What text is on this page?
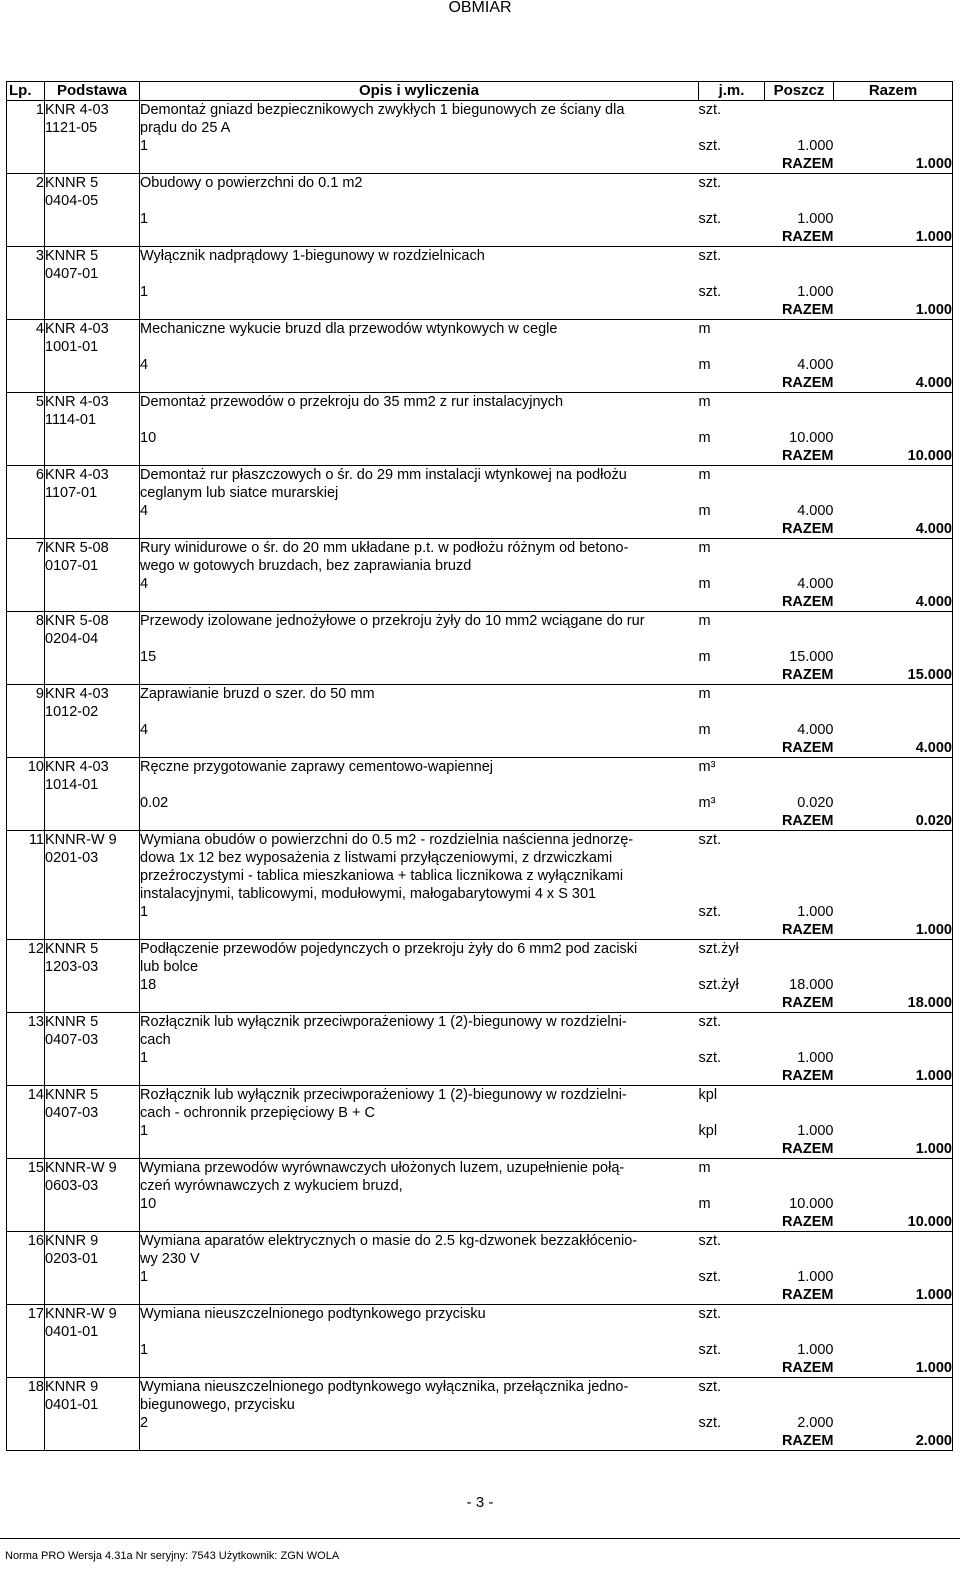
OBMIAR
Lp.	Podstawa	Opis i wyliczenia	j.m.	Poszcz	Razem
1	KNR 4-03	Demontaż gniazd bezpiecznikowych zwykłych 1 biegunowych ze ściany dla	szt.		
	1121-05	prądu do 25 A			
		1	szt.	1.000	
				RAZEM	1.000
2	KNNR 5	Obudowy o powierzchni do 0.1 m2	szt.		
	0404-05				
		1	szt.	1.000	
				RAZEM	1.000
3	KNNR 5	Wyłącznik nadprądowy 1-biegunowy w rozdzielnicach	szt.		
	0407-01				
		1	szt.	1.000	
				RAZEM	1.000
4	KNR 4-03	Mechaniczne wykucie bruzd dla przewodów wtynkowych w cegle	m		
	1001-01				
		4	m	4.000	
				RAZEM	4.000
5	KNR 4-03	Demontaż przewodów o przekroju do 35 mm2 z rur instalacyjnych	m		
	1114-01				
		10	m	10.000	
				RAZEM	10.000
6	KNR 4-03	Demontaż rur płaszczowych o śr. do 29 mm instalacji wtynkowej na podłożu	m		
	1107-01	ceglanym lub siatce murarskiej			
		4	m	4.000	
				RAZEM	4.000
7	KNR 5-08	Rury winidurowe o śr. do 20 mm układane p.t. w podłożu różnym od betono-	m		
	0107-01	wego w gotowych bruzdach, bez zaprawiania bruzd			
		4	m	4.000	
				RAZEM	4.000
8	KNR 5-08	Przewody izolowane jednożyłowe o przekroju żyły do 10 mm2 wciągane do rur	m		
	0204-04				
		15	m	15.000	
				RAZEM	15.000
9	KNR 4-03	Zaprawianie bruzd o szer. do 50 mm	m		
	1012-02				
		4	m	4.000	
				RAZEM	4.000
10	KNR 4-03	Ręczne przygotowanie zaprawy cementowo-wapiennej	m³		
	1014-01				
		0.02	m³	0.020	
				RAZEM	0.020
11	KNNR-W 9	Wymiana obudów o powierzchni do 0.5 m2 - rozdzielnia naścienna jednorzę-	szt.		
	0201-03	dowa 1x 12 bez wyposażenia z listwami przyłączeniowymi, z drzwiczkami			
		przeźroczystymi - tablica mieszkaniowa + tablica licznikowa z wyłącznikami			
		instalacyjnymi, tablicowymi, modułowymi, małogabarytowymi 4 x S 301			
		1	szt.	1.000	
				RAZEM	1.000
12	KNNR 5	Podłączenie przewodów pojedynczych o przekroju żyły do 6 mm2 pod zaciski	szt.żył		
	1203-03	lub bolce			
		18	szt.żył	18.000	
				RAZEM	18.000
13	KNNR 5	Rozłącznik lub wyłącznik przeciwporażeniowy 1 (2)-biegunowy w rozdzielni-	szt.		
	0407-03	cach			
		1	szt.	1.000	
				RAZEM	1.000
14	KNNR 5	Rozłącznik lub wyłącznik przeciwporażeniowy 1 (2)-biegunowy w rozdzielni-	kpl		
	0407-03	cach - ochronnik przepięciowy B + C			
		1	kpl	1.000	
				RAZEM	1.000
15	KNNR-W 9	Wymiana przewodów wyrównawczych ułożonych luzem, uzupełnienie połą-	m		
	0603-03	czeń wyrównawczych z wykuciem bruzd,			
		10	m	10.000	
				RAZEM	10.000
16	KNNR 9	Wymiana aparatów elektrycznych o masie do 2.5 kg-dzwonek bezzakłócenio-	szt.		
	0203-01	wy 230 V			
		1	szt.	1.000	
				RAZEM	1.000
17	KNNR-W 9	Wymiana nieuszczelnionego podtynkowego przycisku	szt.		
	0401-01				
		1	szt.	1.000	
				RAZEM	1.000
18	KNNR 9	Wymiana nieuszczelnionego podtynkowego wyłącznika, przełącznika jedno-	szt.		
	0401-01	biegunowego, przycisku			
		2	szt.	2.000	
				RAZEM	2.000
- 3 -
Norma PRO Wersja 4.31a Nr seryjny: 7543 Użytkownik: ZGN WOLA
